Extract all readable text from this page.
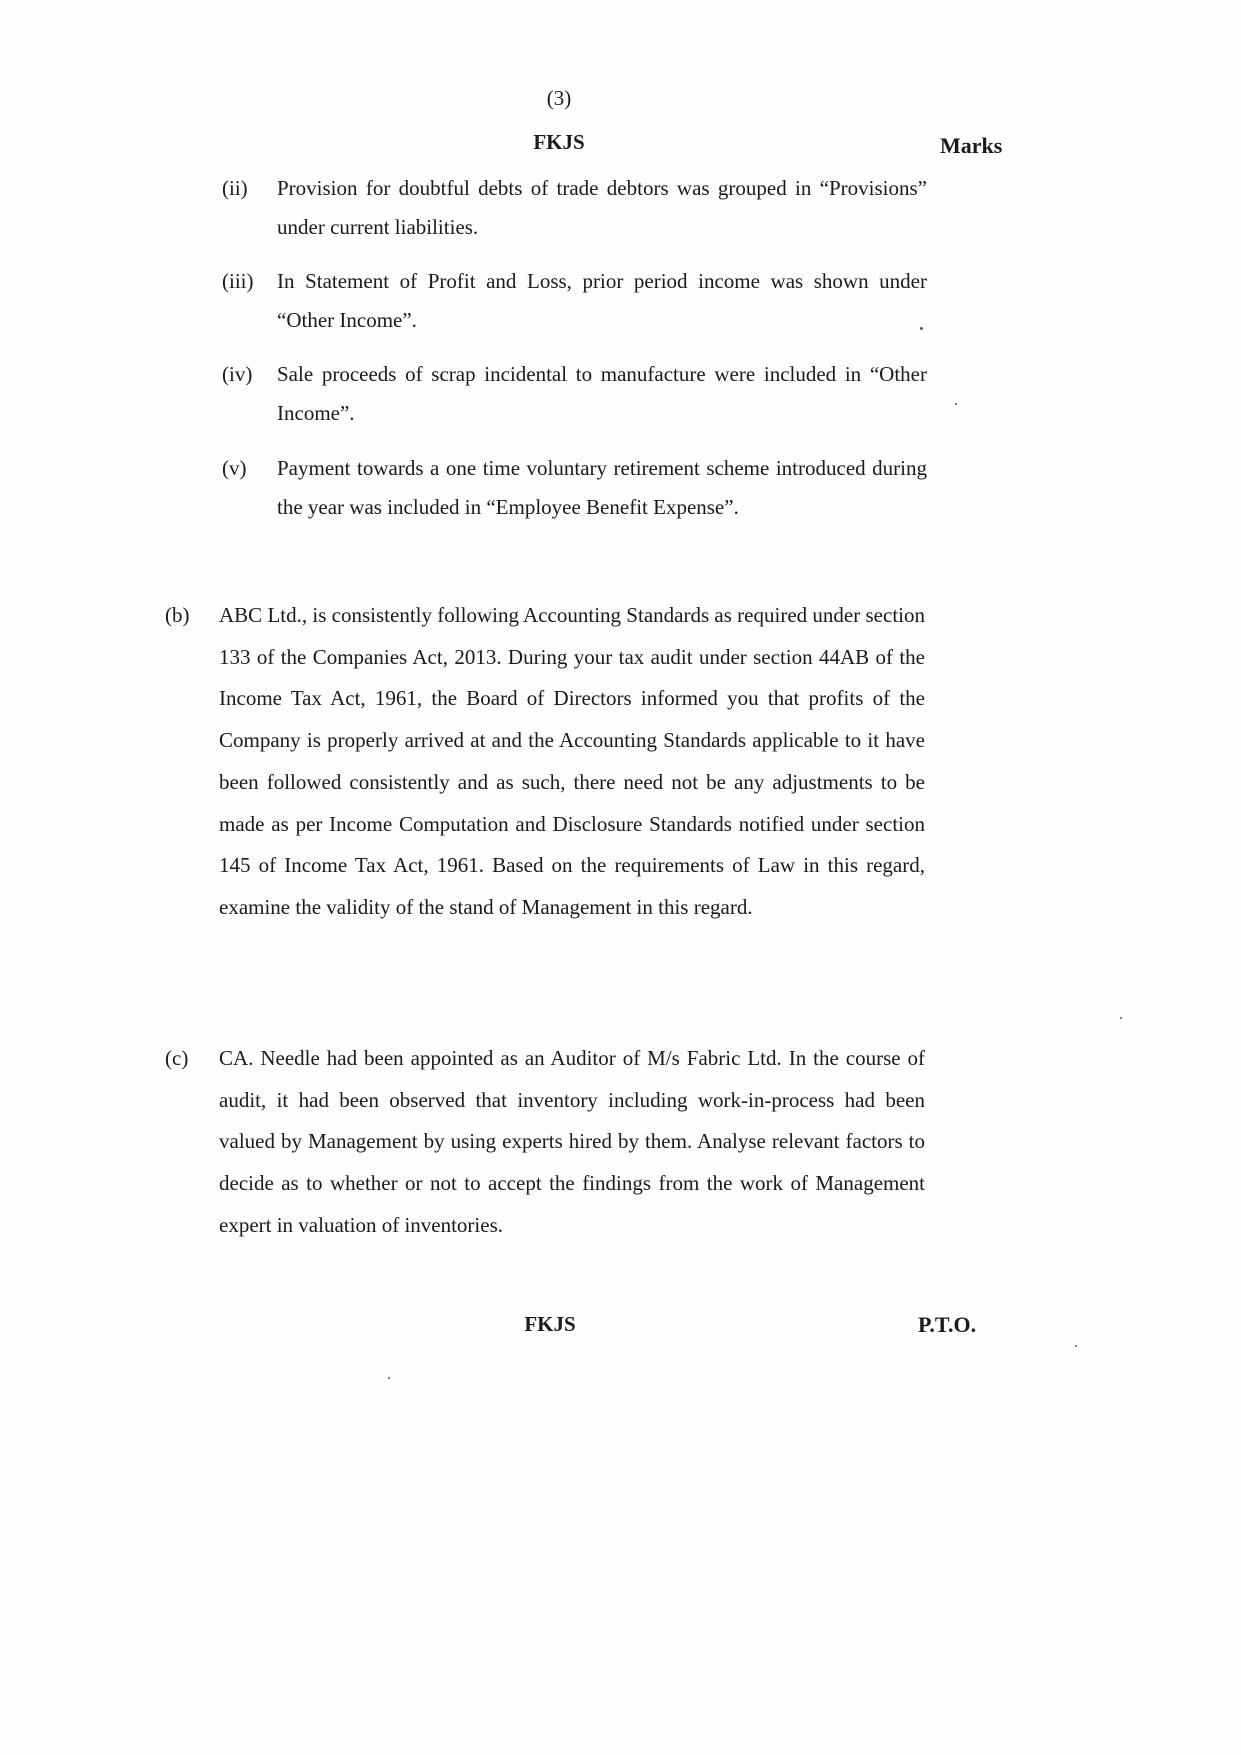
(3)
FKJS	Marks
(ii)	Provision for doubtful debts of trade debtors was grouped in “Provisions” under current liabilities.
(iii)	In Statement of Profit and Loss, prior period income was shown under “Other Income”.
(iv)	Sale proceeds of scrap incidental to manufacture were included in “Other Income”.
(v)	Payment towards a one time voluntary retirement scheme introduced during the year was included in “Employee Benefit Expense”.
(b)	ABC Ltd., is consistently following Accounting Standards as required under section 133 of the Companies Act, 2013. During your tax audit under section 44AB of the Income Tax Act, 1961, the Board of Directors informed you that profits of the Company is properly arrived at and the Accounting Standards applicable to it have been followed consistently and as such, there need not be any adjustments to be made as per Income Computation and Disclosure Standards notified under section 145 of Income Tax Act, 1961. Based on the requirements of Law in this regard, examine the validity of the stand of Management in this regard.
(c)	CA. Needle had been appointed as an Auditor of M/s Fabric Ltd. In the course of audit, it had been observed that inventory including work-in-process had been valued by Management by using experts hired by them. Analyse relevant factors to decide as to whether or not to accept the findings from the work of Management expert in valuation of inventories.
FKJS	P.T.O.
